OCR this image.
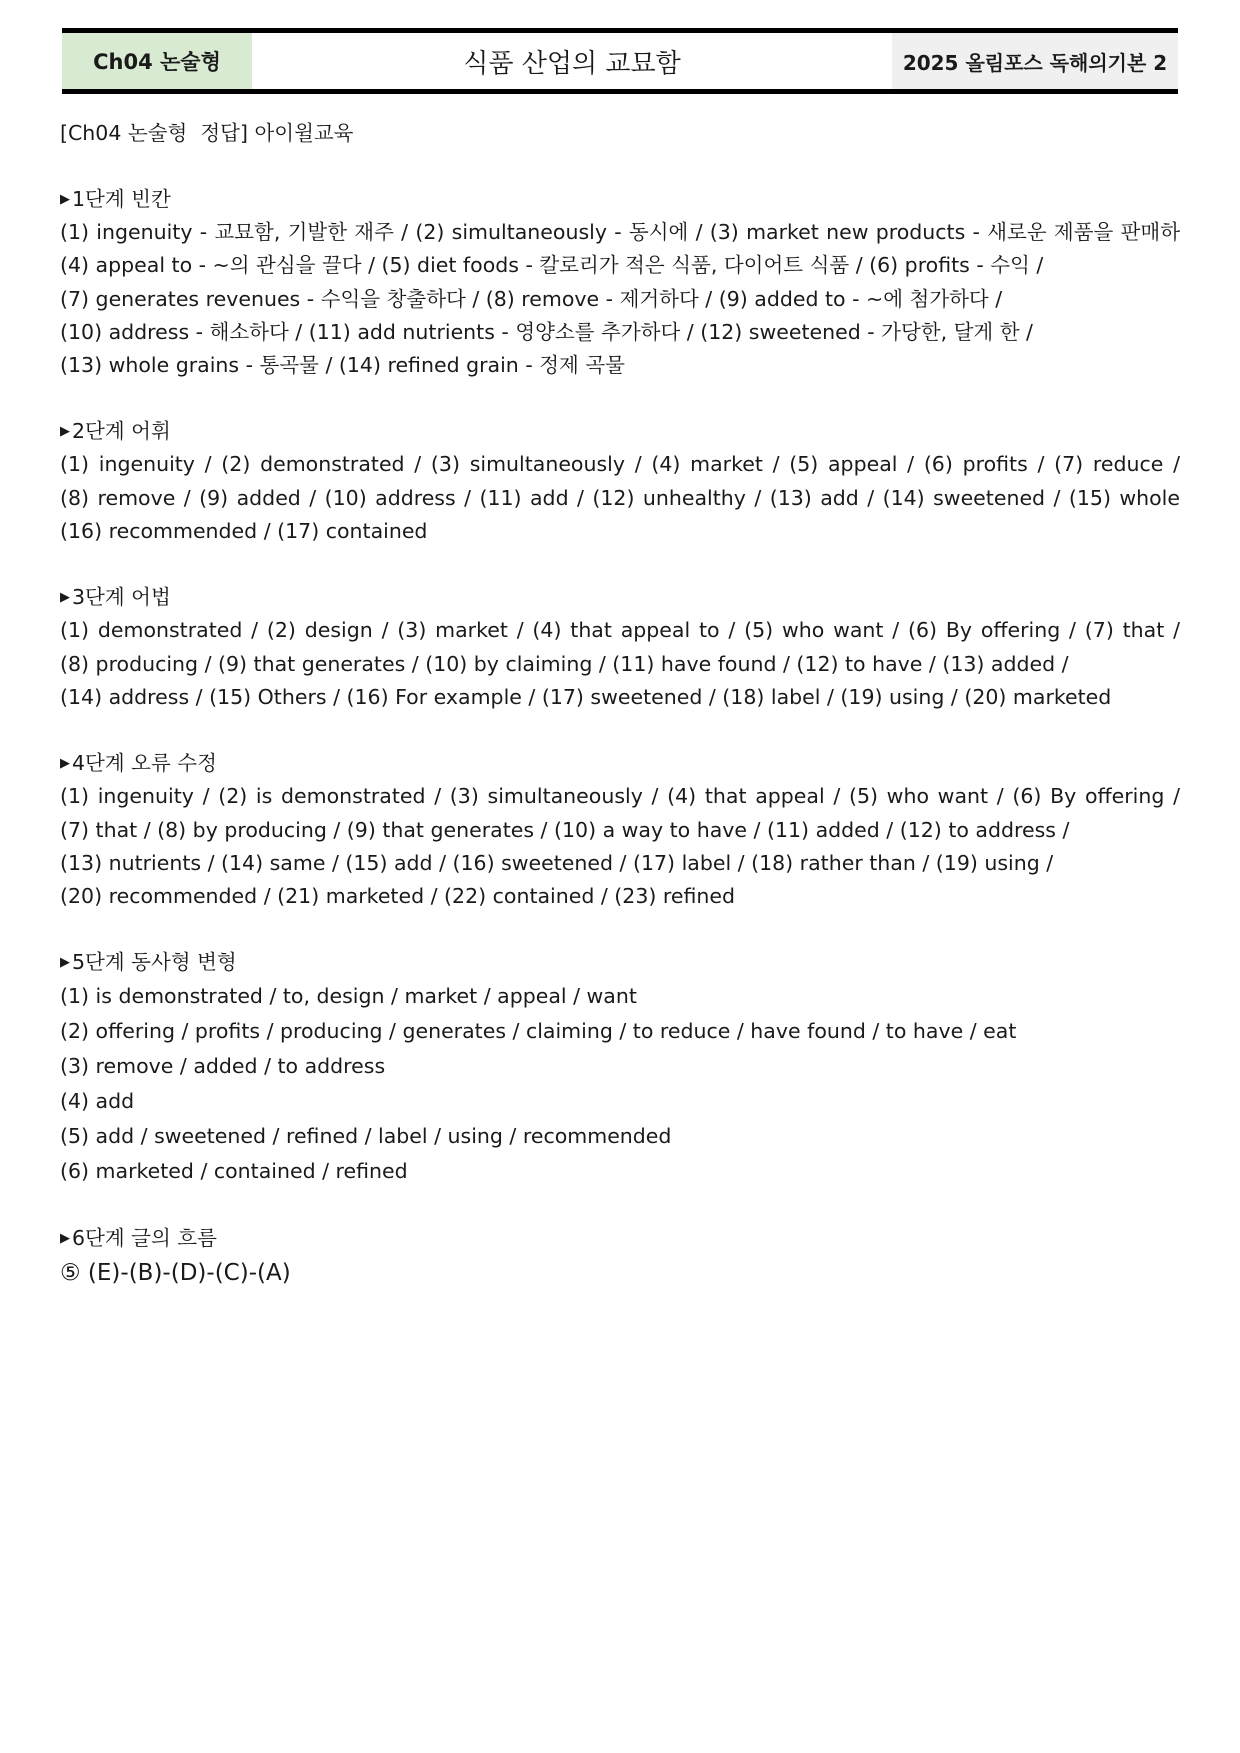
Ch04 논술형	식품 산업의 교묘함	2025 올림포스 독해의기본 2
[Ch04 논술형  정답] 아이윌교육
▶1단계 빈칸
(1) ingenuity - 교묘함, 기발한 재주 / (2) simultaneously - 동시에 / (3) market new products - 새로운 제품을 판매하
(4) appeal to - ~의 관심을 끌다 / (5) diet foods - 칼로리가 적은 식품, 다이어트 식품 / (6) profits - 수익 /
(7) generates revenues - 수익을 창출하다 / (8) remove - 제거하다 / (9) added to - ~에 첨가하다 /
(10) address - 해소하다 / (11) add nutrients - 영양소를 추가하다 / (12) sweetened - 가당한, 달게 한 /
(13) whole grains - 통곡물 / (14) refined grain - 정제 곡물
▶2단계 어휘
(1) ingenuity / (2) demonstrated / (3) simultaneously / (4) market / (5) appeal / (6) profits / (7) reduce /
(8) remove / (9) added / (10) address / (11) add / (12) unhealthy / (13) add / (14) sweetened / (15) whole
(16) recommended / (17) contained
▶3단계 어법
(1) demonstrated / (2) design / (3) market / (4) that appeal to / (5) who want / (6) By offering / (7) that /
(8) producing / (9) that generates / (10) by claiming / (11) have found / (12) to have / (13) added /
(14) address / (15) Others / (16) For example / (17) sweetened / (18) label / (19) using / (20) marketed
▶4단계 오류 수정
(1) ingenuity / (2) is demonstrated / (3) simultaneously / (4) that appeal / (5) who want / (6) By offering /
(7) that / (8) by producing / (9) that generates / (10) a way to have / (11) added / (12) to address /
(13) nutrients / (14) same / (15) add / (16) sweetened / (17) label / (18) rather than / (19) using /
(20) recommended / (21) marketed / (22) contained / (23) refined
▶5단계 동사형 변형
(1) is demonstrated / to, design / market / appeal / want
(2) offering / profits / producing / generates / claiming / to reduce / have found / to have / eat
(3) remove / added / to address
(4) add
(5) add / sweetened / refined / label / using / recommended
(6) marketed / contained / refined
▶6단계 글의 흐름
⑤ (E)-(B)-(D)-(C)-(A)
